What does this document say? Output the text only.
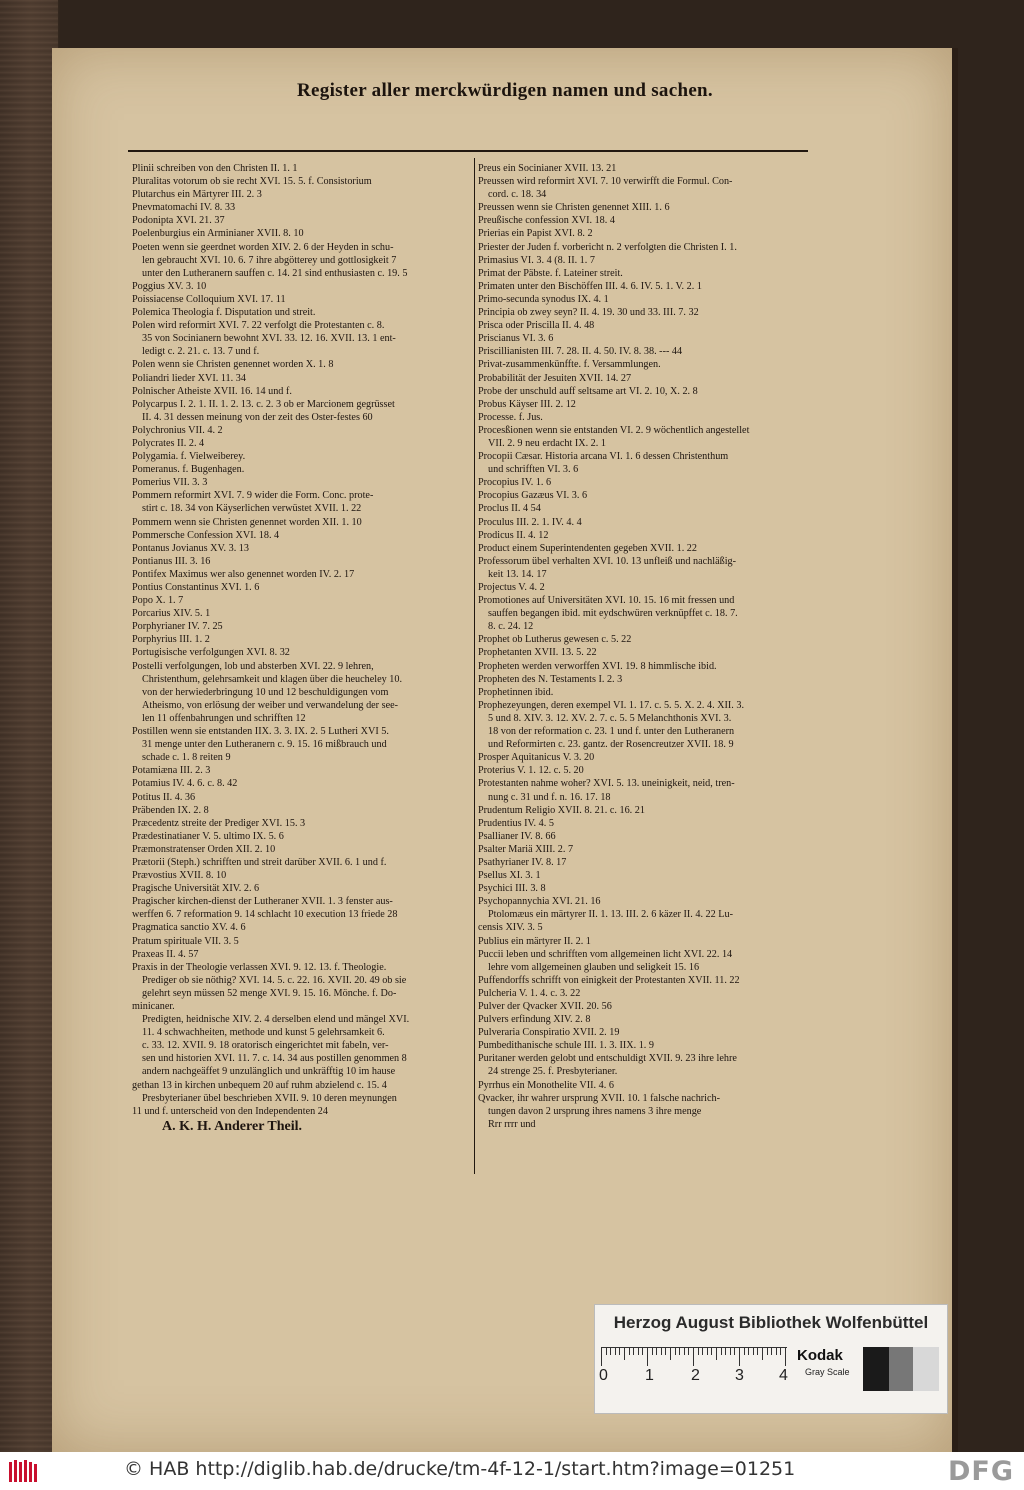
Register aller merckwürdigen namen und sachen.
Plinii schreiben von den Christen II. 1. 1
Pluralitas votorum ob sie recht XVI. 15. 5. f. Consistorium
Plutarchus ein Märtyrer III. 2. 3
Pnevmatomachi IV. 8. 33
Podonipta XVI. 21. 37
Poelenburgius ein Arminianer XVII. 8. 10
Poeten wenn sie geerdnet worden XIV. 2. 6 der Heyden in schu-
len gebraucht XVI. 10. 6. 7 ihre abgötterey und gottlosigkeit 7
unter den Lutheranern sauffen c. 14. 21 sind enthusiasten c. 19. 5
Poggius XV. 3. 10
Poissiacense Colloquium XVI. 17. 11
Polemica Theologia f. Disputation und streit.
Polen wird reformirt XVI. 7. 22 verfolgt die Protestanten c. 8.
35 von Socinianern bewohnt XVI. 33. 12. 16. XVII. 13. 1 ent-
ledigt c. 2. 21. c. 13. 7 und f.
Polen wenn sie Christen genennet worden X. 1. 8
Poliandri lieder XVI. 11. 34
Polnischer Atheiste XVII. 16. 14 und f.
Polycarpus I. 2. 1. II. 1. 2. 13. c. 2. 3 ob er Marcionem gegrüsset
II. 4. 31 dessen meinung von der zeit des Oster-festes 60
Polychronius VII. 4. 2
Polycrates II. 2. 4
Polygamia. f. Vielweiberey.
Pomeranus. f. Bugenhagen.
Pomerius VII. 3. 3
Pommern reformirt XVI. 7. 9 wider die Form. Conc. prote-
stirt c. 18. 34 von Käyserlichen verwüstet XVII. 1. 22
Pommern wenn sie Christen genennet worden XII. 1. 10
Pommersche Confession XVI. 18. 4
Pontanus Jovianus XV. 3. 13
Pontianus III. 3. 16
Pontifex Maximus wer also genennet worden IV. 2. 17
Pontius Constantinus XVI. 1. 6
Popo X. 1. 7
Porcarius XIV. 5. 1
Porphyrianer IV. 7. 25
Porphyrius III. 1. 2
Portugisische verfolgungen XVI. 8. 32
Postelli verfolgungen, lob und absterben XVI. 22. 9 lehren,
Christenthum, gelehrsamkeit und klagen über die heucheley 10.
von der herwiederbringung 10 und 12 beschuldigungen vom
Atheismo, von erlösung der weiber und verwandelung der see-
len 11 offenbahrungen und schrifften 12
Postillen wenn sie entstanden IIX. 3. 3. IX. 2. 5 Lutheri XVI 5.
31 menge unter den Lutheranern c. 9. 15. 16 mißbrauch und
schade c. 1. 8 reiten 9
Potamiæna III. 2. 3
Potamius IV. 4. 6. c. 8. 42
Potitus II. 4. 36
Präbenden IX. 2. 8
Præcedentz streite der Prediger XVI. 15. 3
Prædestinatianer V. 5. ultimo IX. 5. 6
Præmonstratenser Orden XII. 2. 10
Prætorii (Steph.) schrifften und streit darüber XVII. 6. 1 und f.
Prævostius XVII. 8. 10
Pragische Universität XIV. 2. 6
Pragischer kirchen-dienst der Lutheraner XVII. 1. 3 fenster aus-
werffen 6. 7 reformation 9. 14 schlacht 10 execution 13 friede 28
Pragmatica sanctio XV. 4. 6
Pratum spirituale VII. 3. 5
Praxeas II. 4. 57
Praxis in der Theologie verlassen XVI. 9. 12. 13. f. Theologie.
Prediger ob sie nöthig? XVI. 14. 5. c. 22. 16. XVII. 20. 49 ob sie
gelehrt seyn müssen 52 menge XVI. 9. 15. 16. Mönche. f. Do-
minicaner.
Predigten, heidnische XIV. 2. 4 derselben elend und mängel XVI.
11. 4 schwachheiten, methode und kunst 5 gelehrsamkeit 6.
c. 33. 12. XVII. 9. 18 oratorisch eingerichtet mit fabeln, ver-
sen und historien XVI. 11. 7. c. 14. 34 aus postillen genommen 8
andern nachgeäffet 9 unzulänglich und unkräfftig 10 im hause
gethan 13 in kirchen unbequem 20 auf ruhm abzielend c. 15. 4
Presbyterianer übel beschrieben XVII. 9. 10 deren meynungen
11 und f. unterscheid von den Independenten 24
A. K. H. Anderer Theil.
Preus ein Socinianer XVII. 13. 21
Preussen wird reformirt XVI. 7. 10 verwirfft die Formul. Con-
cord. c. 18. 34
Preussen wenn sie Christen genennet XIII. 1. 6
Preußische confession XVI. 18. 4
Prierias ein Papist XVI. 8. 2
Priester der Juden f. vorbericht n. 2 verfolgten die Christen I. 1.
Primasius VI. 3. 4 (8. II. 1. 7
Primat der Päbste. f. Lateiner streit.
Primaten unter den Bischöffen III. 4. 6. IV. 5. 1. V. 2. 1
Primo-secunda synodus IX. 4. 1
Principia ob zwey seyn? II. 4. 19. 30 und 33. III. 7. 32
Prisca oder Priscilla II. 4. 48
Priscianus VI. 3. 6
Priscillianisten III. 7. 28. II. 4. 50. IV. 8. 38. --- 44
Privat-zusammenkünffte. f. Versammlungen.
Probabilität der Jesuiten XVII. 14. 27
Probe der unschuld auff seltsame art VI. 2. 10, X. 2. 8
Probus Käyser III. 2. 12
Processe. f. Jus.
Procesßionen wenn sie entstanden VI. 2. 9 wöchentlich angestellet
VII. 2. 9 neu erdacht IX. 2. 1
Procopii Cæsar. Historia arcana VI. 1. 6 dessen Christenthum
und schrifften VI. 3. 6
Procopius IV. 1. 6
Procopius Gazæus VI. 3. 6
Proclus II. 4 54
Proculus III. 2. 1. IV. 4. 4
Prodicus II. 4. 12
Product einem Superintendenten gegeben XVII. 1. 22
Professorum übel verhalten XVI. 10. 13 unfleiß und nachläßig-
keit 13. 14. 17
Projectus V. 4. 2
Promotiones auf Universitäten XVI. 10. 15. 16 mit fressen und
sauffen begangen ibid. mit eydschwüren verknüpffet c. 18. 7.
8. c. 24. 12
Prophet ob Lutherus gewesen c. 5. 22
Prophetanten XVII. 13. 5. 22
Propheten werden verworffen XVI. 19. 8 himmlische ibid.
Propheten des N. Testaments I. 2. 3
Prophetinnen ibid.
Prophezeyungen, deren exempel VI. 1. 17. c. 5. 5. X. 2. 4. XII. 3.
5 und 8. XIV. 3. 12. XV. 2. 7. c. 5. 5 Melanchthonis XVI. 3.
18 von der reformation c. 23. 1 und f. unter den Lutheranern
und Reformirten c. 23. gantz. der Rosencreutzer XVII. 18. 9
Prosper Aquitanicus V. 3. 20
Proterius V. 1. 12. c. 5. 20
Protestanten nahme woher? XVI. 5. 13. uneinigkeit, neid, tren-
nung c. 31 und f. n. 16. 17. 18
Prudentum Religio XVII. 8. 21. c. 16. 21
Prudentius IV. 4. 5
Psallianer IV. 8. 66
Psalter Mariä XIII. 2. 7
Psathyrianer IV. 8. 17
Psellus XI. 3. 1
Psychici III. 3. 8
Psychopannychia XVI. 21. 16
Ptolomæus ein märtyrer II. 1. 13. III. 2. 6 käzer II. 4. 22 Lu-
censis XIV. 3. 5
Publius ein märtyrer II. 2. 1
Puccii leben und schrifften vom allgemeinen licht XVI. 22. 14
lehre vom allgemeinen glauben und seligkeit 15. 16
Puffendorffs schrifft von einigkeit der Protestanten XVII. 11. 22
Pulcheria V. 1. 4. c. 3. 22
Pulver der Qvacker XVII. 20. 56
Pulvers erfindung XIV. 2. 8
Pulveraria Conspiratio XVII. 2. 19
Pumbedithanische schule III. 1. 3. IIX. 1. 9
Puritaner werden gelobt und entschuldigt XVII. 9. 23 ihre lehre
24 strenge 25. f. Presbyterianer.
Pyrrhus ein Monothelite VII. 4. 6
Qvacker, ihr wahrer ursprung XVII. 10. 1 falsche nachrich-
tungen davon 2 ursprung ihres namens 3 ihre menge
Rrr rrrr und
Herzog August Bibliothek Wolfenbüttel
0 1 2 3 4
Kodak
Gray Scale
© HAB http://diglib.hab.de/drucke/tm-4f-12-1/start.htm?image=01251	DFG
